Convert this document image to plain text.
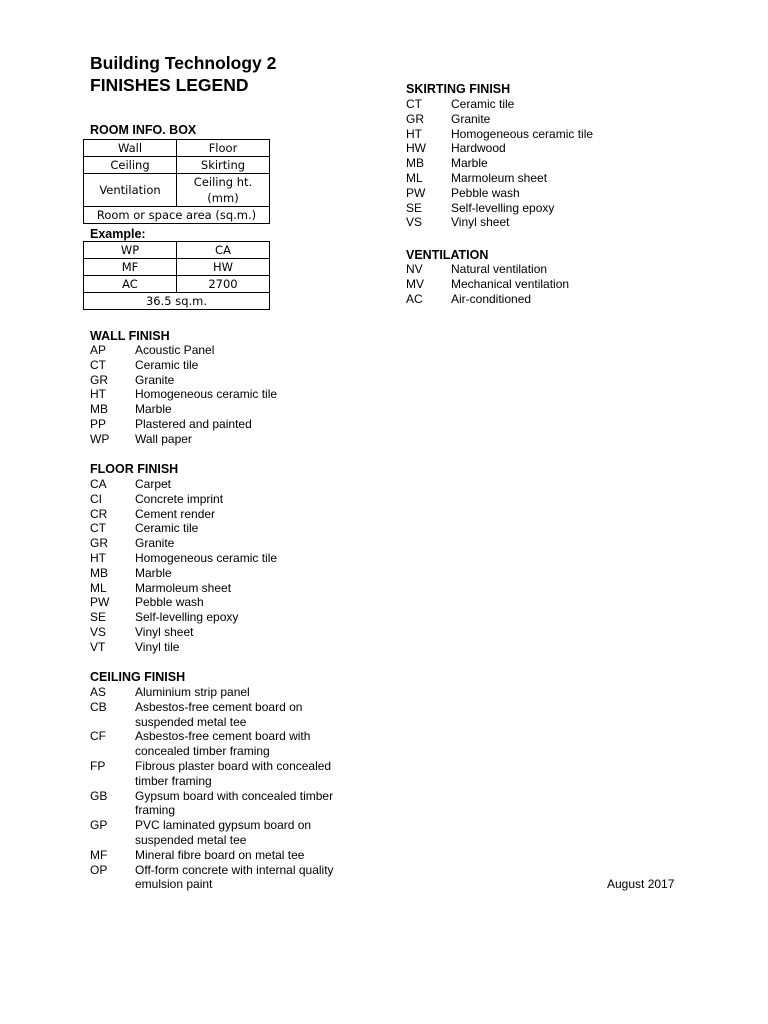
Building Technology 2
FINISHES LEGEND
ROOM INFO. BOX
Wall	Floor
Ceiling	Skirting
Ventilation	Ceiling ht. (mm)
Room or space area (sq.m.)	
Example:
WP	CA
MF	HW
AC	2700
36.5 sq.m.	
WALL FINISH
AP	Acoustic Panel
CT	Ceramic tile
GR	Granite
HT	Homogeneous ceramic tile
MB	Marble
PP	Plastered and painted
WP	Wall paper
FLOOR FINISH
CA	Carpet
CI	Concrete imprint
CR	Cement render
CT	Ceramic tile
GR	Granite
HT	Homogeneous ceramic tile
MB	Marble
ML	Marmoleum sheet
PW	Pebble wash
SE	Self-levelling epoxy
VS	Vinyl sheet
VT	Vinyl tile
CEILING FINISH
AS	Aluminium strip panel
CB	Asbestos-free cement board on
suspended metal tee
CF	Asbestos-free cement board with
concealed timber framing
FP	Fibrous plaster board with concealed
timber framing
GB	Gypsum board with concealed timber
framing
GP	PVC laminated gypsum board on
suspended metal tee
MF	Mineral fibre board on metal tee
OP	Off-form concrete with internal quality
emulsion paint
SKIRTING FINISH
CT	Ceramic tile
GR	Granite
HT	Homogeneous ceramic tile
HW	Hardwood
MB	Marble
ML	Marmoleum sheet
PW	Pebble wash
SE	Self-levelling epoxy
VS	Vinyl sheet
VENTILATION
NV	Natural ventilation
MV	Mechanical ventilation
AC	Air-conditioned
August 2017
